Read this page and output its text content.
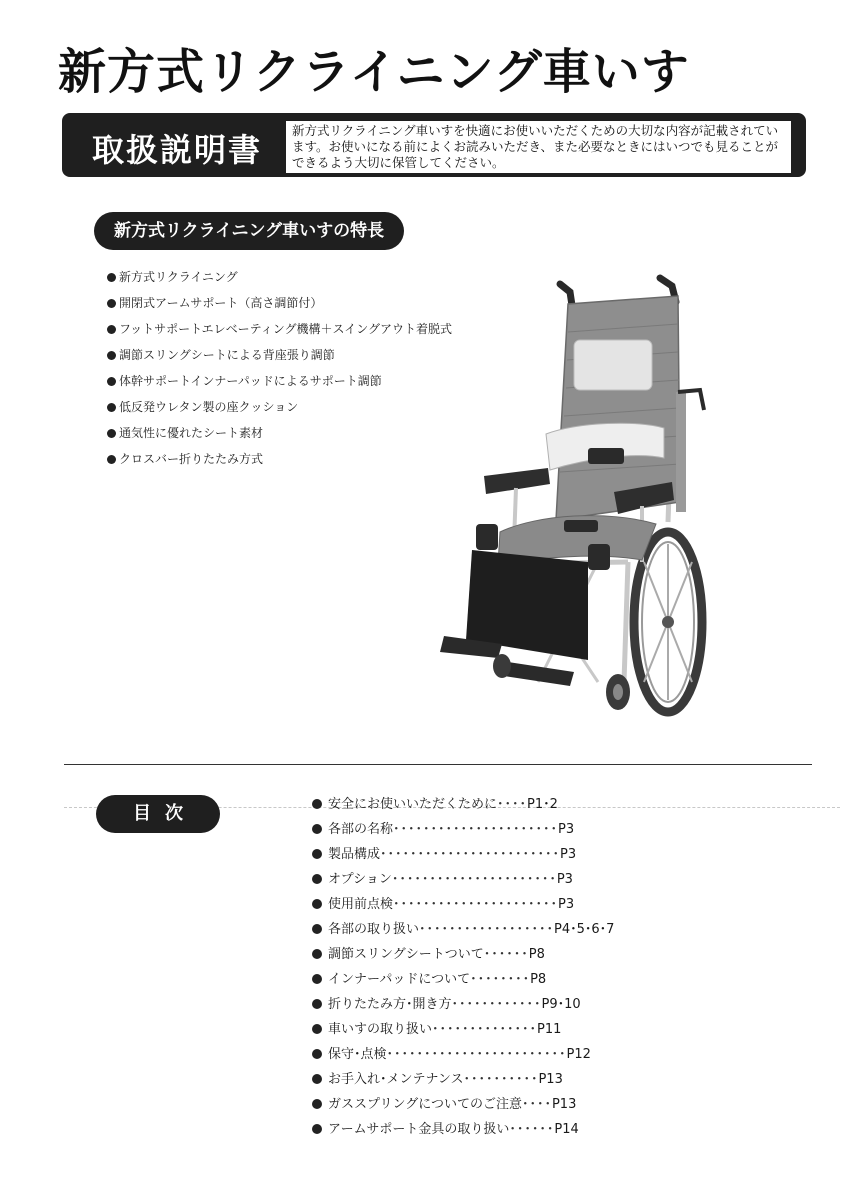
新方式リクライニング車いす
取扱説明書
新方式リクライニング車いすを快適にお使いいただくための大切な内容が記載されています。お使いになる前によくお読みいただき、また必要なときにはいつでも見ることができるよう大切に保管してください。
新方式リクライニング車いすの特長
新方式リクライニング
開閉式アームサポート（高さ調節付）
フットサポートエレベーティング機構＋スイングアウト着脱式
調節スリングシートによる背座張り調節
体幹サポートインナーパッドによるサポート調節
低反発ウレタン製の座クッション
通気性に優れたシート素材
クロスバー折りたたみ方式
目次	安全にお使いいただくために ････ P1･2
各部の名称 ･･････････････････････ P3
製品構成 ････････････････････････ P3
オプション ･･････････････････････ P3
使用前点検 ･･････････････････････ P3
各部の取り扱い ･･････････････････ P4･5･6･7
調節スリングシートついて ･･････ P8
インナーパッドについて ････････ P8
折りたたみ方･開き方 ････････････ P9･10
車いすの取り扱い ･･････････････ P11
保守･点検 ････････････････････････ P12
お手入れ･メンテナンス ･･････････ P13
ガススプリングについてのご注意 ････ P13
アームサポート金具の取り扱い ･･････ P14
